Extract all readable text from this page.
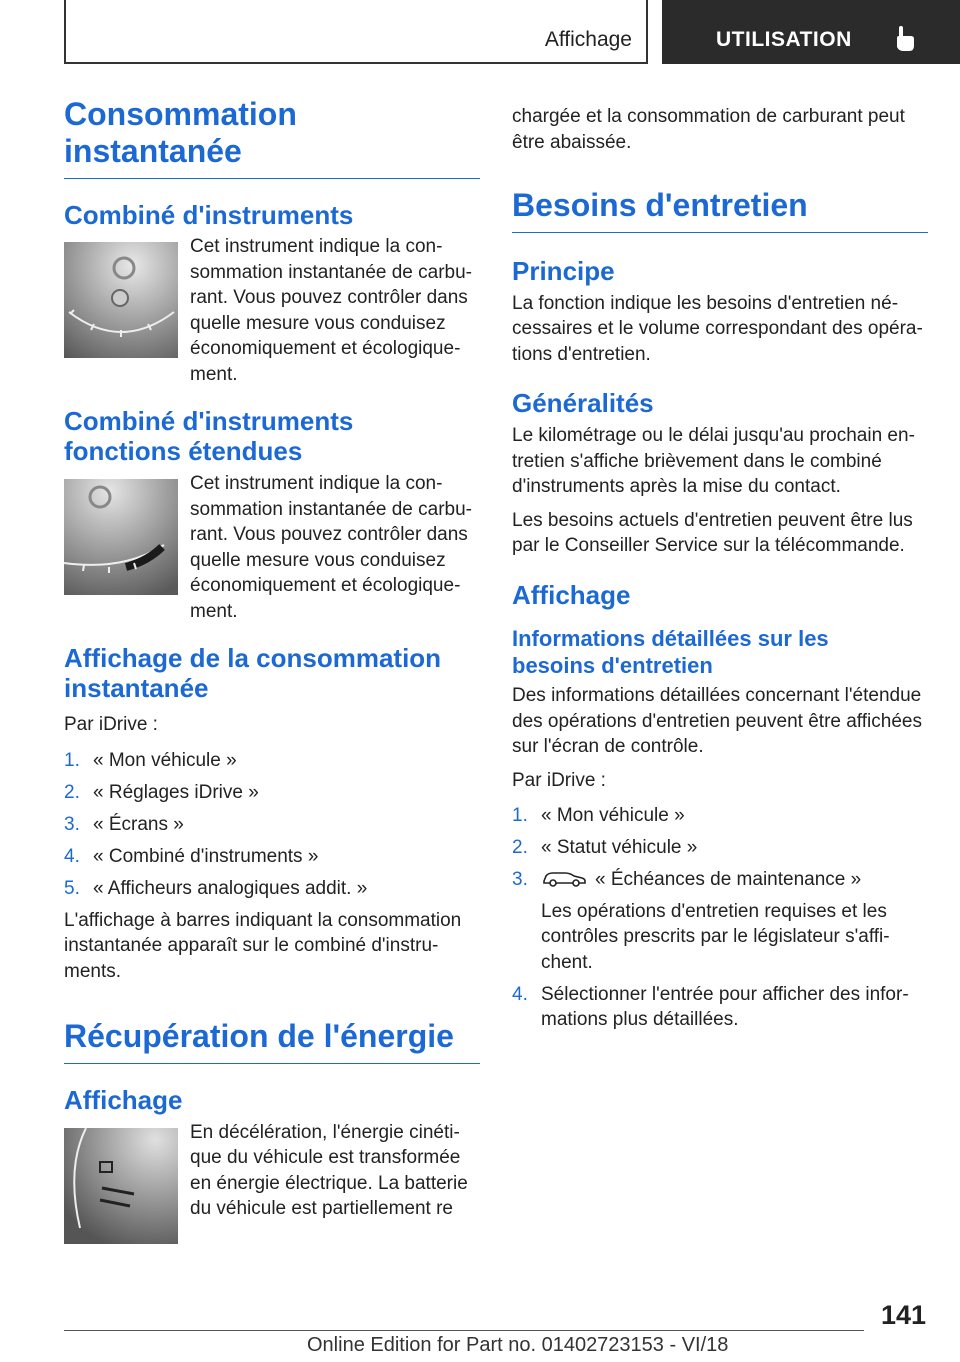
Affichage	UTILISATION
Consommation instantanée
Combiné d'instruments

Cet instrument indique la consommation instantanée de carburant. Vous pouvez contrôler dans quelle mesure vous conduisez économiquement et écologiquement.

Combiné d'instruments
fonctions étendues

Cet instrument indique la consommation instantanée de carburant. Vous pouvez contrôler dans quelle mesure vous conduisez économiquement et écologiquement.

Affichage de la consommation
instantanée

Par iDrive :

1. « Mon véhicule »
2. « Réglages iDrive »
3. « Écrans »
4. « Combiné d'instruments »
5. « Afficheurs analogiques addit. »

L'affichage à barres indiquant la consommation instantanée apparaît sur le combiné d'instruments.

Récupération de l'énergie
Affichage

En décélération, l'énergie cinétique du véhicule est transformée en énergie électrique. La batterie du véhicule est partiellement re

chargée et la consommation de carburant peut être abaissée.

Besoins d'entretien
Principe

La fonction indique les besoins d'entretien nécessaires et le volume correspondant des opérations d'entretien.

Généralités

Le kilométrage ou le délai jusqu'au prochain entretien s'affiche brièvement dans le combiné d'instruments après la mise du contact.

Les besoins actuels d'entretien peuvent être lus par le Conseiller Service sur la télécommande.

Affichage
Informations détaillées sur les
besoins d'entretien

Des informations détaillées concernant l'étendue des opérations d'entretien peuvent être affichées sur l'écran de contrôle.

Par iDrive :

1. « Mon véhicule »
2. « Statut véhicule »
3.	« Échéances de maintenance »
Les opérations d'entretien requises et les contrôles prescrits par le législateur s'affichent.
4. Sélectionner l'entrée pour afficher des informations plus détaillées.
141
Online Edition for Part no. 01402723153 - VI/18
